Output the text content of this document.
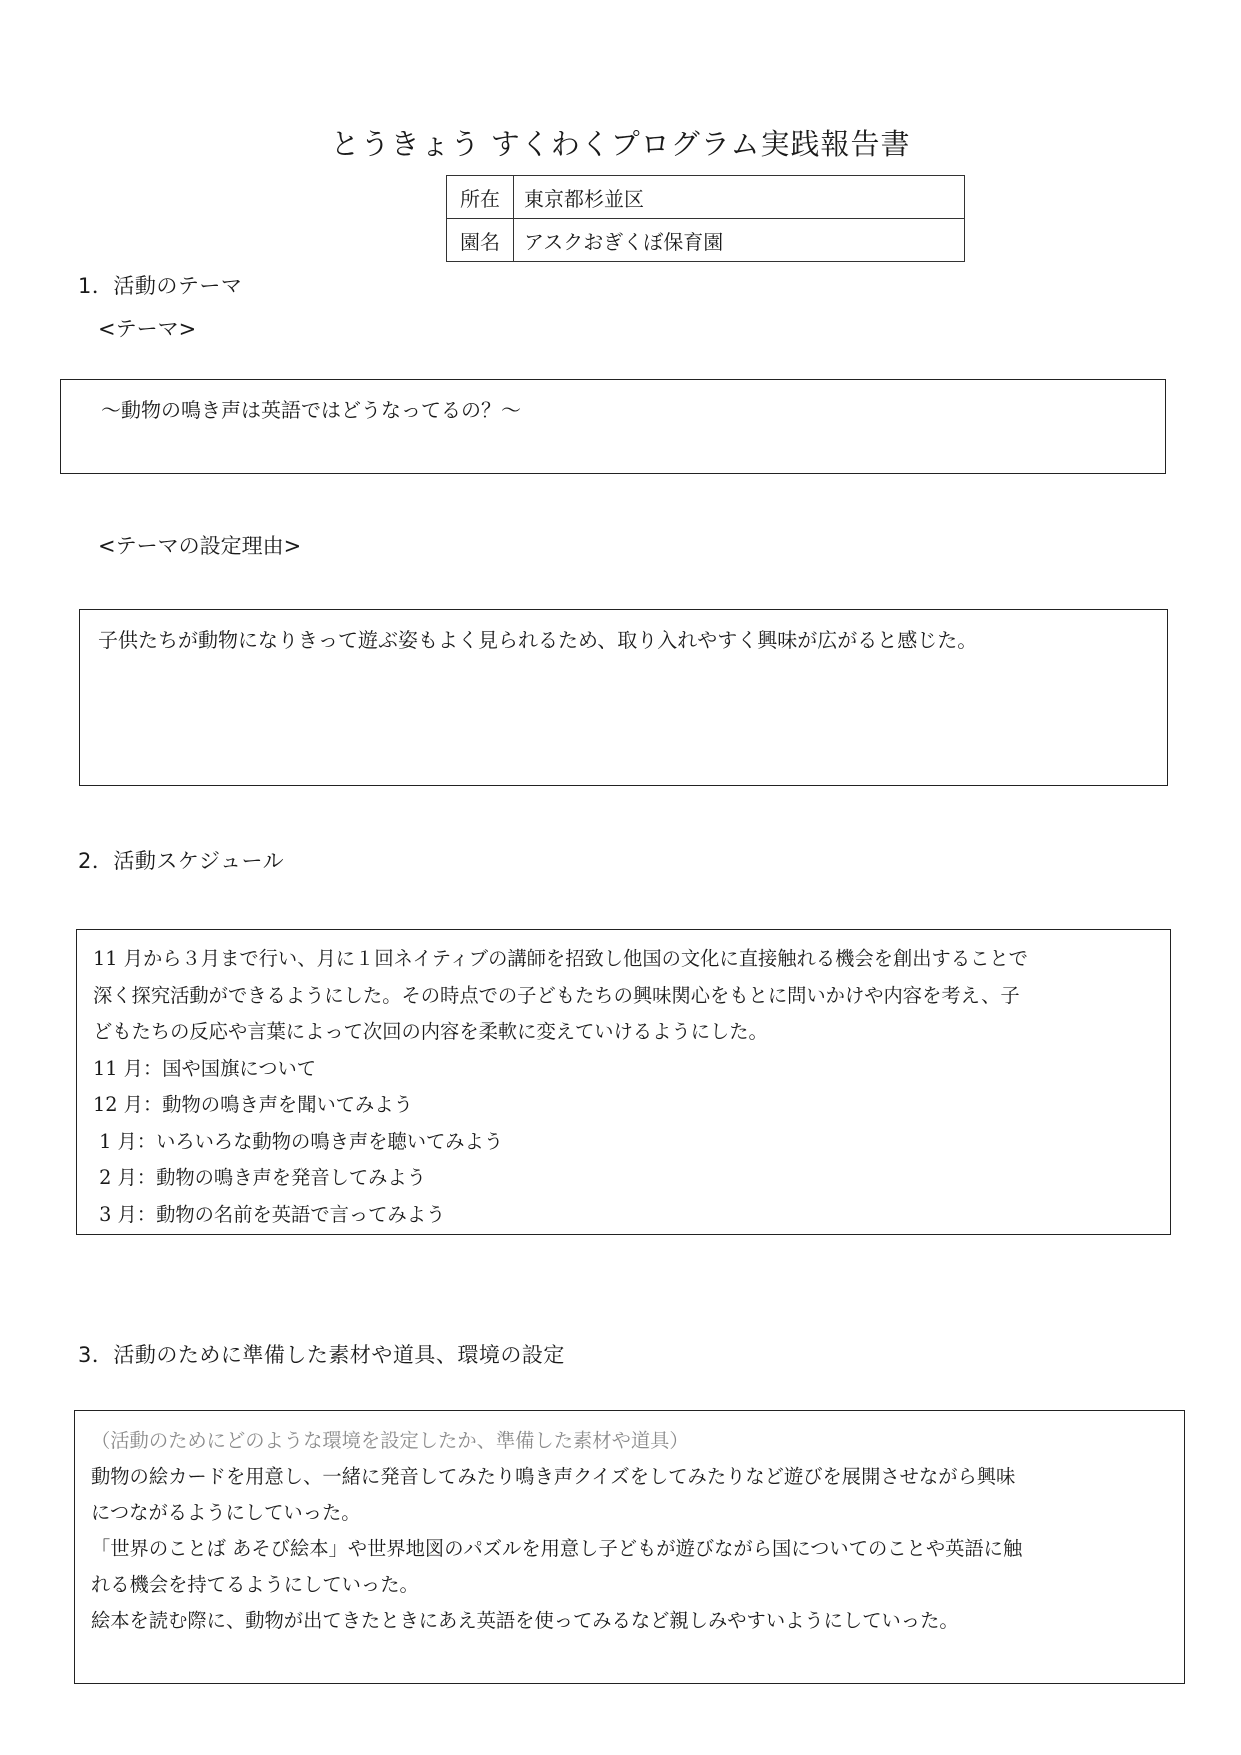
とうきょう すくわくプログラム実践報告書
所在	東京都杉並区
園名	アスクおぎくぼ保育園
1．活動のテーマ
<テーマ>

～動物の鳴き声は英語ではどうなってるの？～

<テーマの設定理由>

子供たちが動物になりきって遊ぶ姿もよく見られるため、取り入れやすく興味が広がると感じた。

2．活動スケジュール

11 月から３月まで行い、月に１回ネイティブの講師を招致し他国の文化に直接触れる機会を創出することで

深く探究活動ができるようにした。その時点での子どもたちの興味関心をもとに問いかけや内容を考え、子

どもたちの反応や言葉によって次回の内容を柔軟に変えていけるようにした。

11 月：国や国旗について

12 月：動物の鳴き声を聞いてみよう

1 月：いろいろな動物の鳴き声を聴いてみよう

2 月：動物の鳴き声を発音してみよう

3 月：動物の名前を英語で言ってみよう

3．活動のために準備した素材や道具、環境の設定

（活動のためにどのような環境を設定したか、準備した素材や道具）

動物の絵カードを用意し、一緒に発音してみたり鳴き声クイズをしてみたりなど遊びを展開させながら興味

につながるようにしていった。

「世界のことば あそび絵本」や世界地図のパズルを用意し子どもが遊びながら国についてのことや英語に触

れる機会を持てるようにしていった。

絵本を読む際に、動物が出てきたときにあえ英語を使ってみるなど親しみやすいようにしていった。
